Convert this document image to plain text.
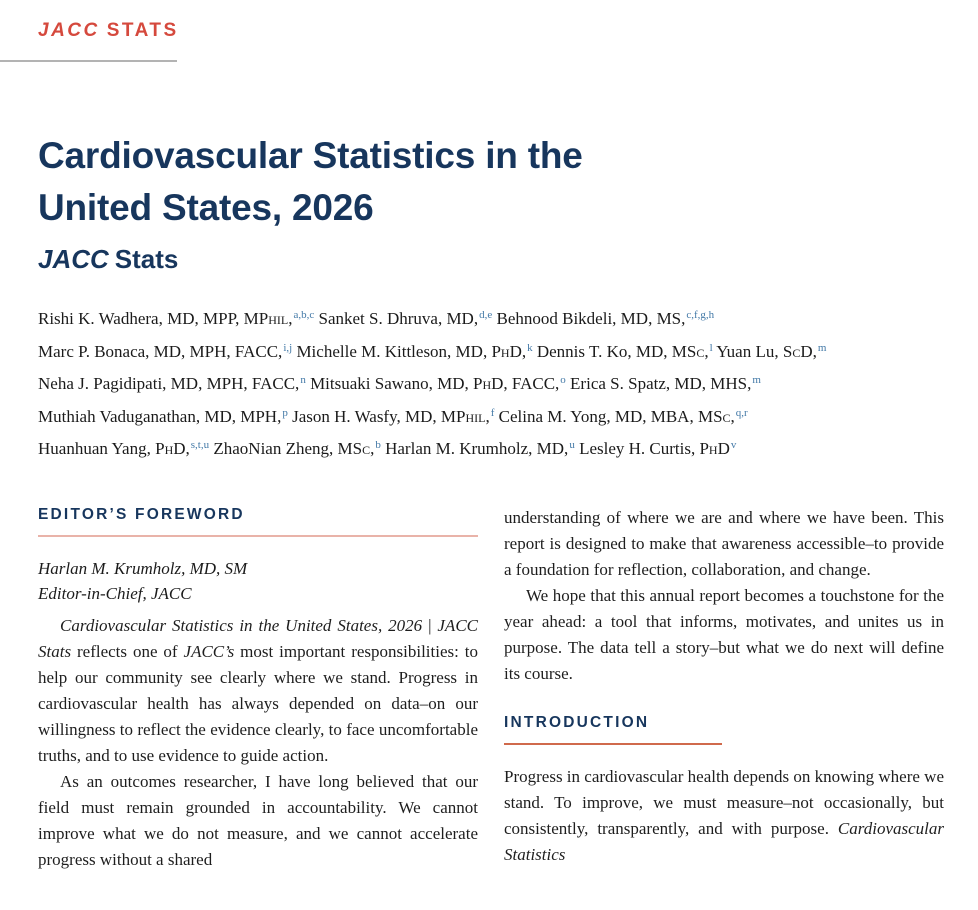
JACC STATS
Cardiovascular Statistics in the
United States, 2026
JACC Stats
Rishi K. Wadhera, MD, MPP, MPhil,$^{a,b,c}$ Sanket S. Dhruva, MD,$^{d,e}$ Behnood Bikdeli, MD, MS,$^{c,f,g,h}$
Marc P. Bonaca, MD, MPH, FACC,$^{i,j}$ Michelle M. Kittleson, MD, PhD,$^k$ Dennis T. Ko, MD, MSc,$^l$ Yuan Lu, ScD,$^m$
Neha J. Pagidipati, MD, MPH, FACC,$^n$ Mitsuaki Sawano, MD, PhD, FACC,$^o$ Erica S. Spatz, MD, MHS,$^m$
Muthiah Vaduganathan, MD, MPH,$^p$ Jason H. Wasfy, MD, MPhil,$^f$ Celina M. Yong, MD, MBA, MSc,$^{q,r}$
Huanhuan Yang, PhD,$^{s,t,u}$ ZhaoNian Zheng, MSc,$^b$ Harlan M. Krumholz, MD,$^u$ Lesley H. Curtis, PhD$^v$
EDITOR’S FOREWORD

Harlan M. Krumholz, MD, SM

Editor-in-Chief, JACC

Cardiovascular Statistics in the United States, 2026 | JACC Stats reflects one of JACC’s most important responsibilities: to help our community see clearly where we stand. Progress in cardiovascular health has always depended on data–on our willingness to reflect the evidence clearly, to face uncomfortable truths, and to use evidence to guide action.

As an outcomes researcher, I have long believed that our field must remain grounded in accountability. We cannot improve what we do not measure, and we cannot accelerate progress without a shared

understanding of where we are and where we have been. This report is designed to make that awareness accessible–to provide a foundation for reflection, collaboration, and change.

We hope that this annual report becomes a touchstone for the year ahead: a tool that informs, motivates, and unites us in purpose. The data tell a story–but what we do next will define its course.

INTRODUCTION

Progress in cardiovascular health depends on knowing where we stand. To improve, we must measure–not occasionally, but consistently, transparently, and with purpose. Cardiovascular Statistics
